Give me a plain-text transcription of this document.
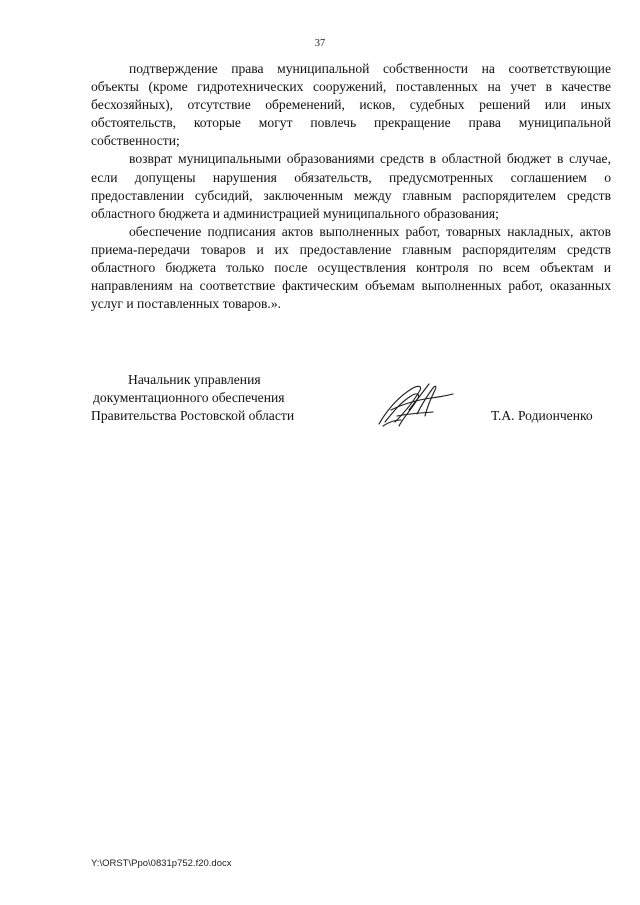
37

подтверждение права муниципальной собственности на соответствующие объекты (кроме гидротехнических сооружений, поставленных на учет в качестве бесхозяйных), отсутствие обременений, исков, судебных решений или иных обстоятельств, которые могут повлечь прекращение права муниципальной собственности;

возврат муниципальными образованиями средств в областной бюджет в случае, если допущены нарушения обязательств, предусмотренных соглашением о предоставлении субсидий, заключенным между главным распорядителем средств областного бюджета и администрацией муниципального образования;

обеспечение подписания актов выполненных работ, товарных накладных, актов приема-передачи товаров и их предоставление главным распорядителям средств областного бюджета только после осуществления контроля по всем объектам и направлениям на соответствие фактическим объемам выполненных работ, оказанных услуг и поставленных товаров.».

Начальник управления
документационного обеспечения
Правительства Ростовской области	Т.А. Родионченко
Y:\ORST\Ppo\0831p752.f20.docx
